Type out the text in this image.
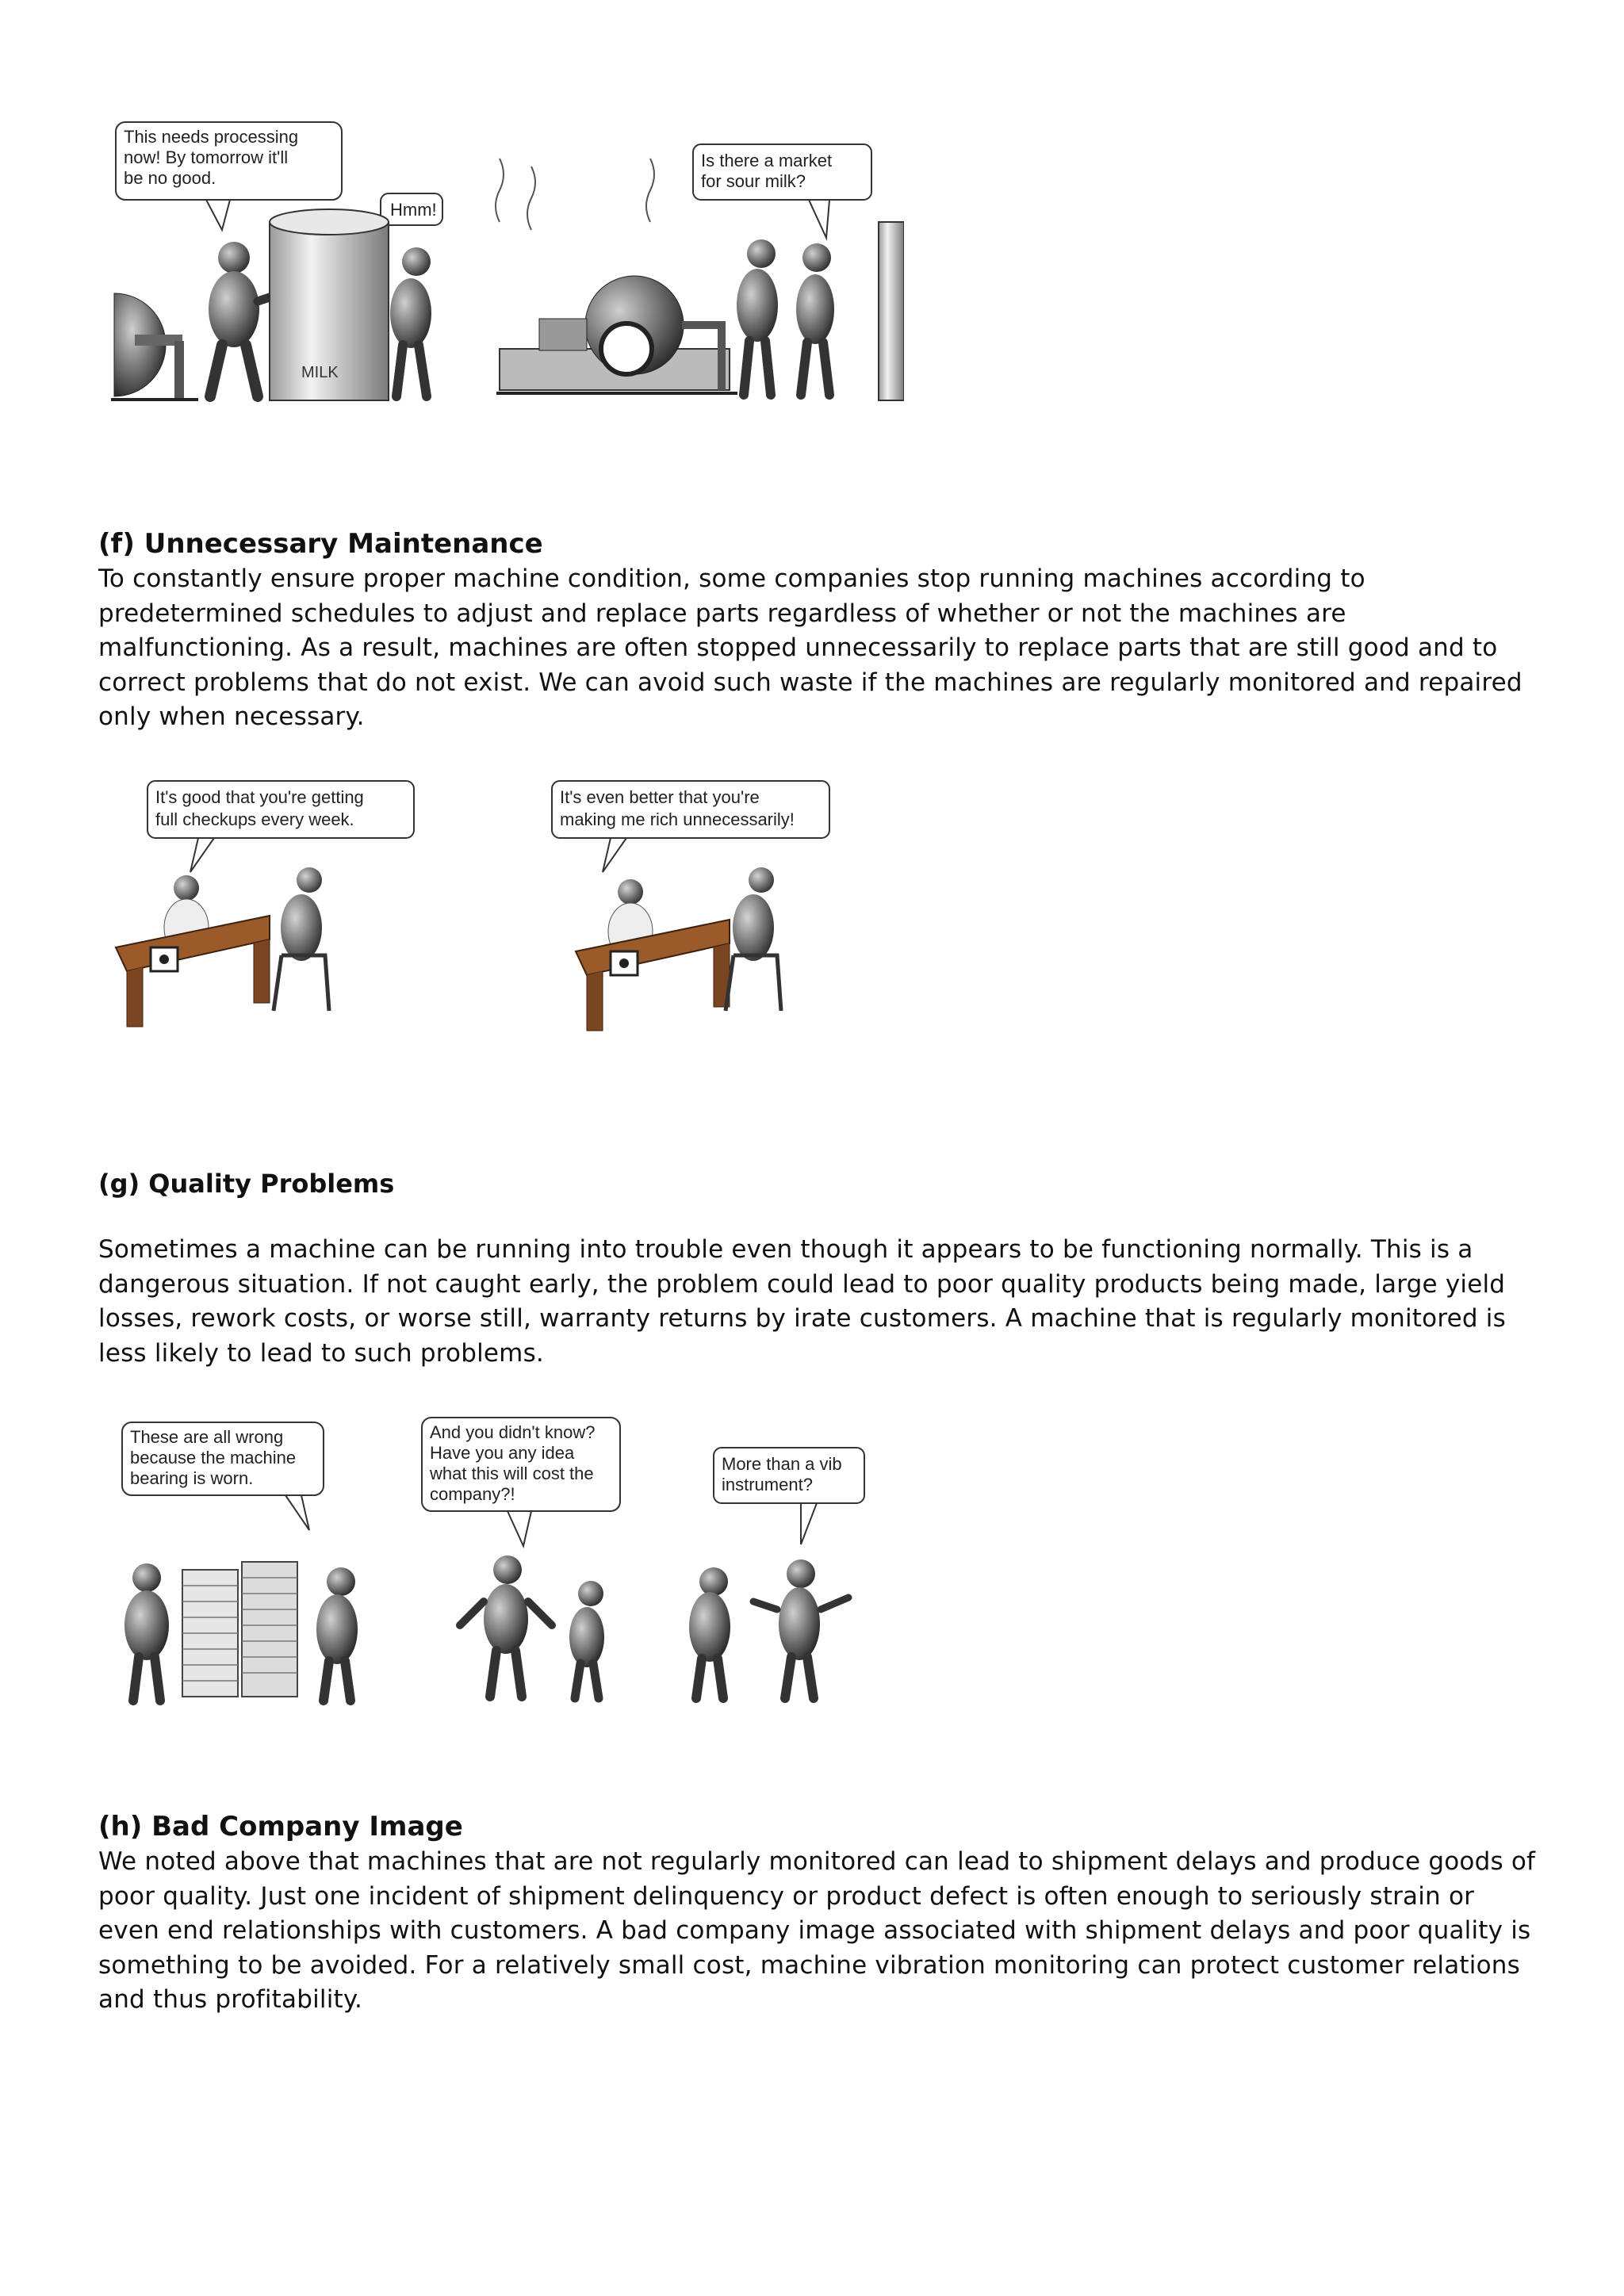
This needs processing
now! By tomorrow it'll
be no good.
Hmm!
Is there a market
for sour milk?
MILK

(f) Unnecessary Maintenance

To constantly ensure proper machine condition, some companies stop running machines according to

predetermined schedules to adjust and replace parts regardless of whether or not the machines are

malfunctioning. As a result, machines are often stopped unnecessarily to replace parts that are still good and to

correct problems that do not exist. We can avoid such waste if the machines are regularly monitored and repaired

only when necessary.

It's good that you're getting
full checkups every week.
It's even better that you're
making me rich unnecessarily!

(g) Quality Problems

Sometimes a machine can be running into trouble even though it appears to be functioning normally. This is a

dangerous situation. If not caught early, the problem could lead to poor quality products being made, large yield

losses, rework costs, or worse still, warranty returns by irate customers. A machine that is regularly monitored is

less likely to lead to such problems.

These are all wrong
because the machine
bearing is worn.
And you didn't know?
Have you any idea
what this will cost the
company?!
More than a vib
instrument?

(h) Bad Company Image

We noted above that machines that are not regularly monitored can lead to shipment delays and produce goods of

poor quality. Just one incident of shipment delinquency or product defect is often enough to seriously strain or

even end relationships with customers. A bad company image associated with shipment delays and poor quality is

something to be avoided. For a relatively small cost, machine vibration monitoring can protect customer relations

and thus profitability.
